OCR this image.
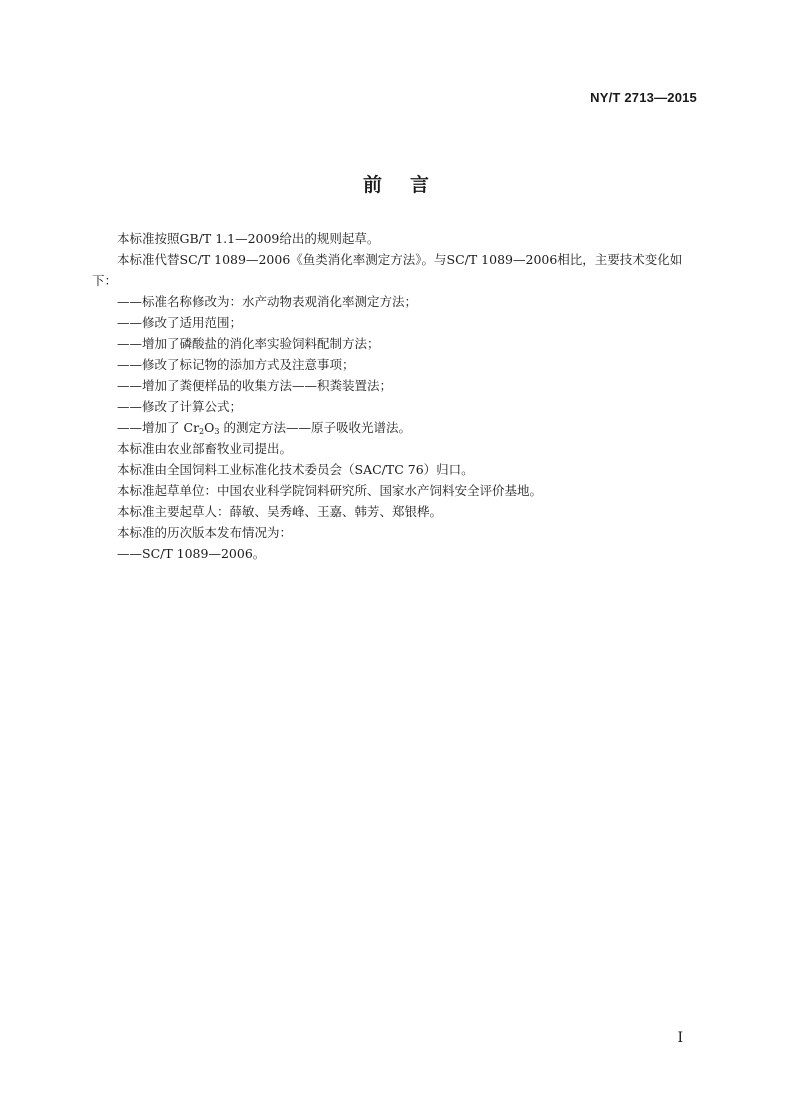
NY/T 2713—2015
前言

本标准按照GB/T 1.1—2009给出的规则起草。

本标准代替SC/T 1089—2006《鱼类消化率测定方法》。与SC/T 1089—2006相比，主要技术变化如下：

——标准名称修改为：水产动物表观消化率测定方法；

——修改了适用范围；

——增加了磷酸盐的消化率实验饲料配制方法；

——修改了标记物的添加方式及注意事项；

——增加了粪便样品的收集方法——积粪装置法；

——修改了计算公式；

——增加了 $Cr_2O_3$ 的测定方法——原子吸收光谱法。

本标准由农业部畜牧业司提出。

本标准由全国饲料工业标准化技术委员会（SAC/TC 76）归口。

本标准起草单位：中国农业科学院饲料研究所、国家水产饲料安全评价基地。

本标准主要起草人：薛敏、吴秀峰、王嘉、韩芳、郑银桦。

本标准的历次版本发布情况为：

——SC/T 1089—2006。

I
